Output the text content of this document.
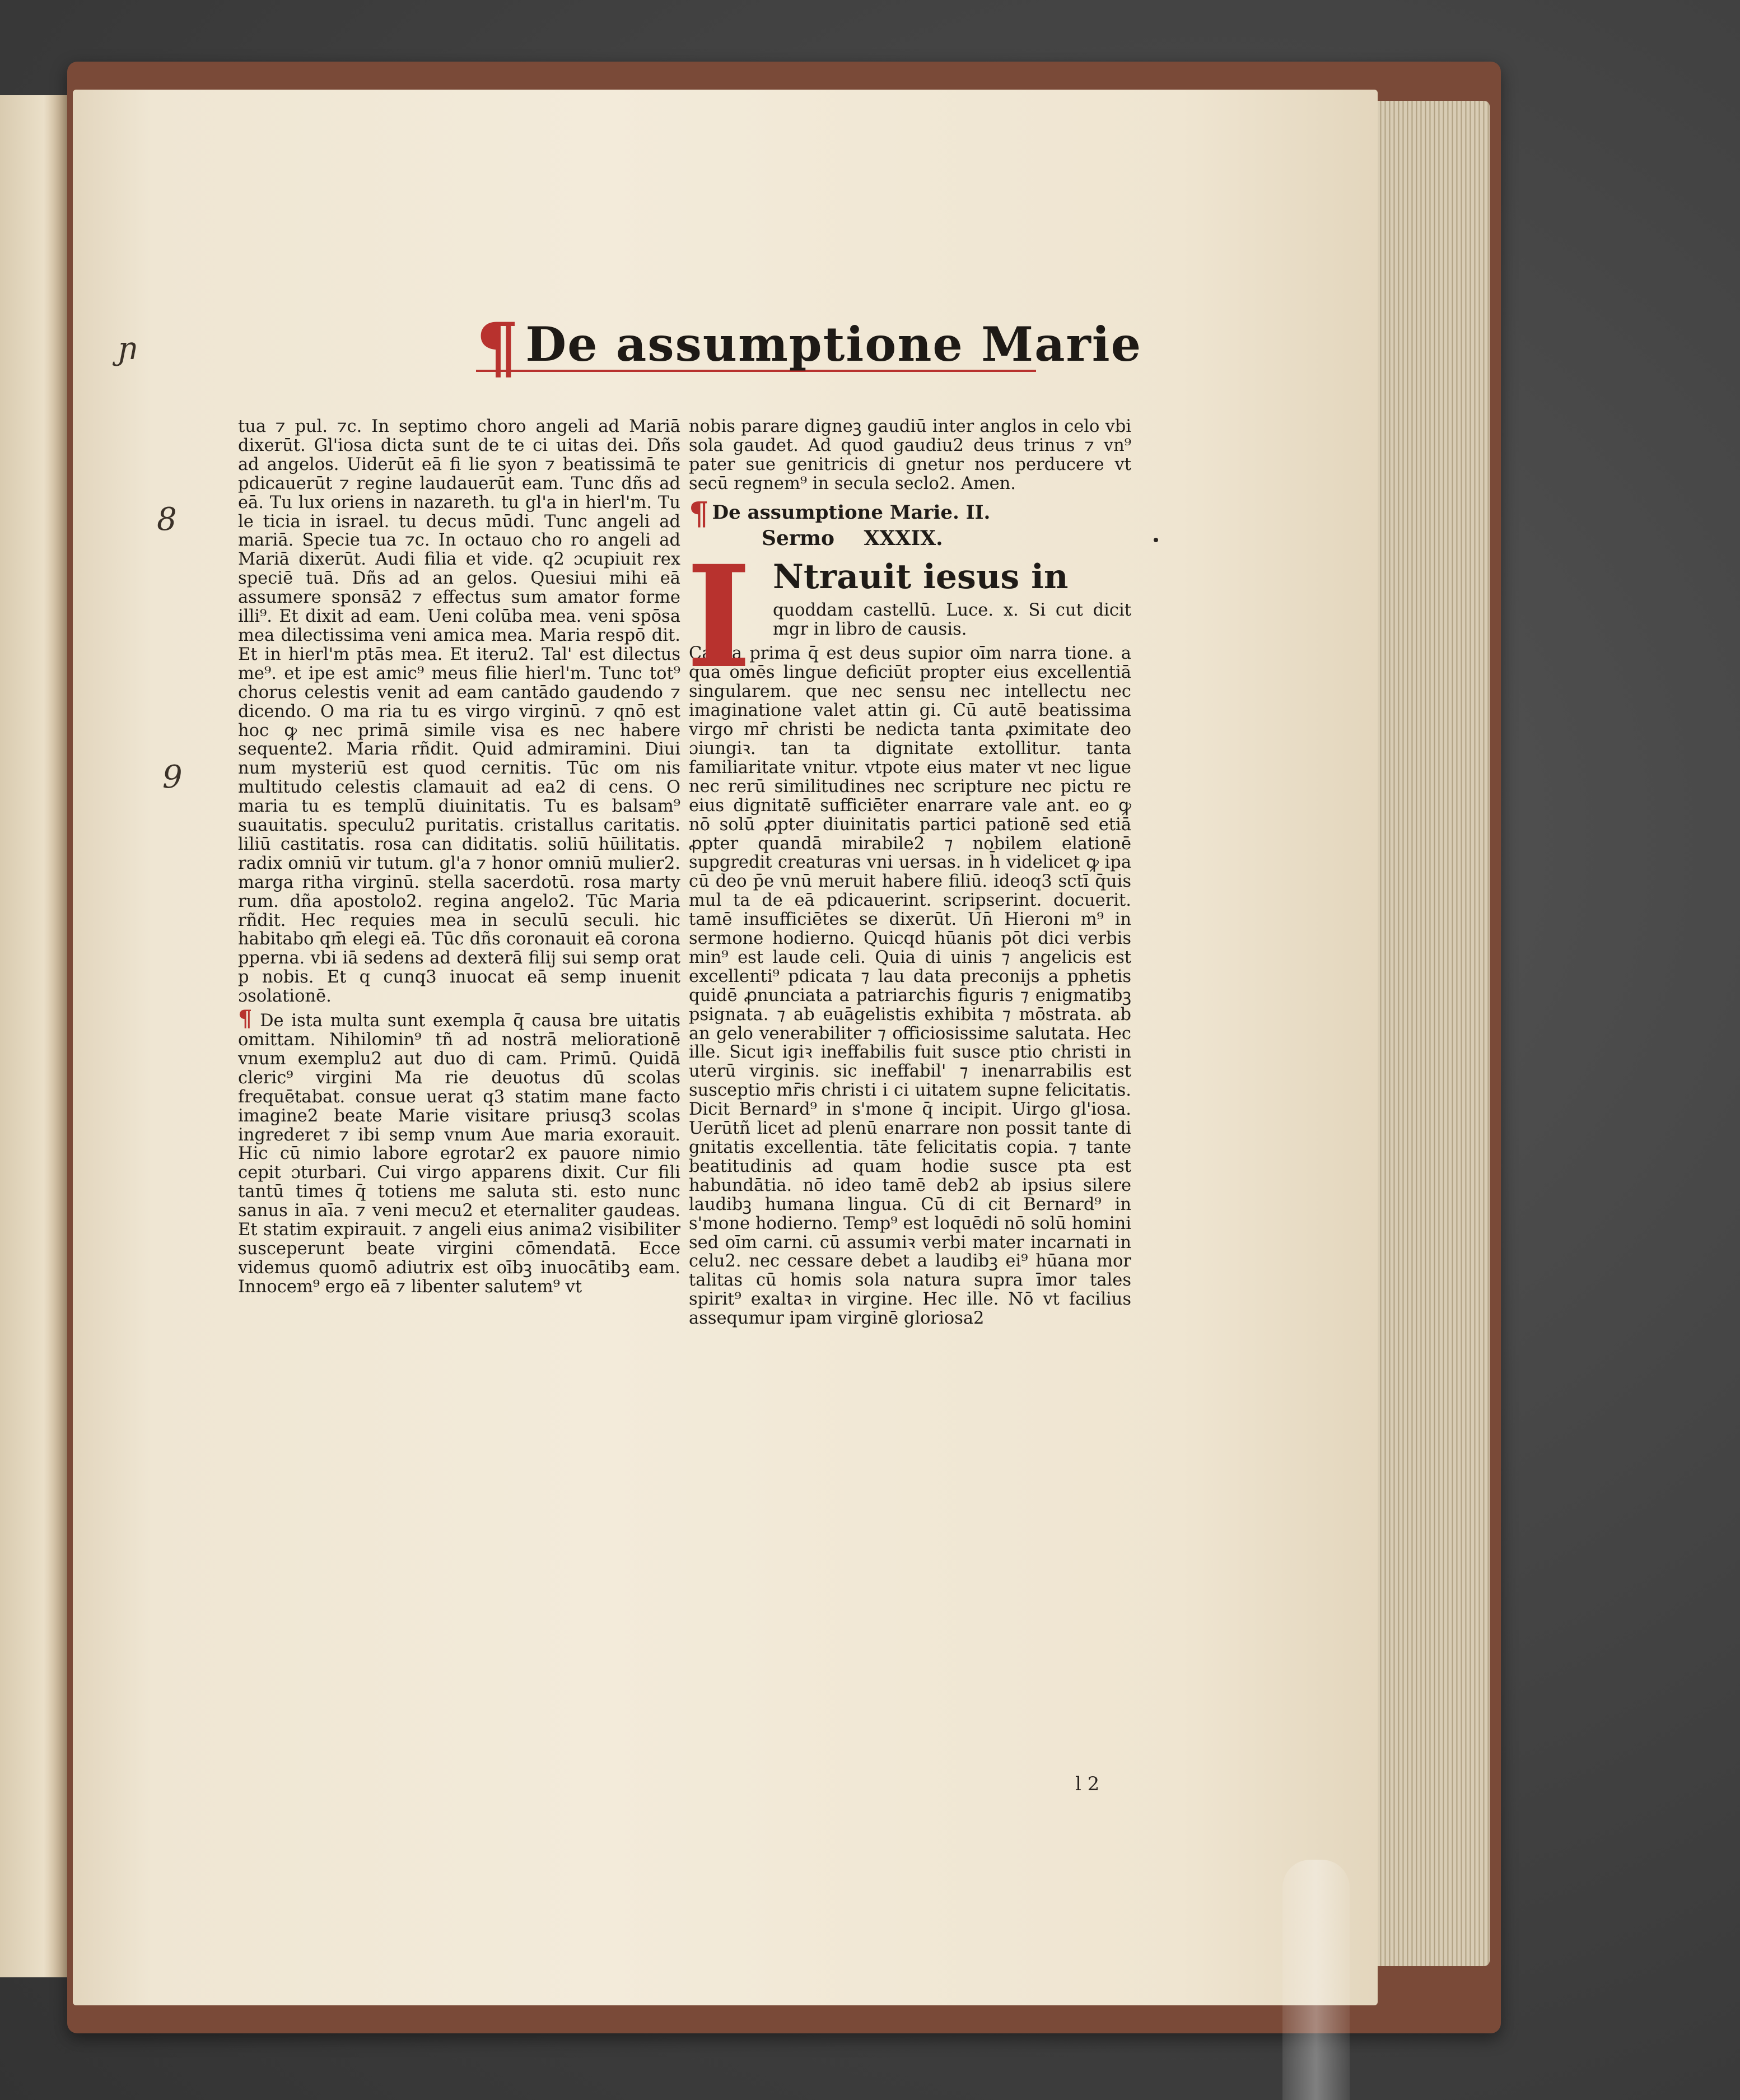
¶ De assumptione Marie
ɲ
8
9
tua ⁊ pul. ⁊c. In septimo choro angeli ad Mariā dixerūt. Gl'iosa dicta sunt de te ci uitas dei. Dñs ad angelos. Uiderūt eā fi lie syon ⁊ beatissimā te pdicauerūt ⁊ regine laudauerūt eam. Tunc dñs ad eā. Tu lux oriens in nazareth. tu gl'a in hierl'm. Tu le ticia in israel. tu decus mūdi. Tunc angeli ad mariā. Specie tua ⁊c. In octauo cho ro angeli ad Mariā dixerūt. Audi filia et vide. q2 ɔcupiuit rex speciē tuā. Dñs ad an gelos. Quesiui mihi eā assumere sponsā2 ⁊ effectus sum amator forme illi⁹. Et dixit ad eam. Ueni colūba mea. veni spōsa mea dilectissima veni amica mea. Maria respō dit. Et in hierl'm ptās mea. Et iteru2. Tal' est dilectus me⁹. et ipe est amic⁹ meus filie hierl'm. Tunc tot⁹ chorus celestis venit ad eam cantādo gaudendo ⁊ dicendo. O ma ria tu es virgo virginū. ⁊ qnō est hoc ꝙ nec primā simile visa es nec habere sequente2. Maria rñdit. Quid admiramini. Diui num mysteriū est quod cernitis. Tūc om nis multitudo celestis clamauit ad ea2 di cens. O maria tu es templū diuinitatis. Tu es balsam⁹ suauitatis. speculu2 puritatis. cristallus caritatis. liliū castitatis. rosa can diditatis. soliū hūilitatis. radix omniū vir tutum. gl'a ⁊ honor omniū mulier2. marga ritha virginū. stella sacerdotū. rosa marty rum. dña apostolo2. regina angelo2. Tūc Maria rñdit. Hec requies mea in seculū seculi. hic habitabo qm̄ elegi eā. Tūc dñs coronauit eā corona pperna. vbi iā sedens ad dexterā filij sui semp orat p nobis. Et q cunq3 inuocat eā semp inuenit ɔsolationē.
¶ De ista multa sunt exempla q̄ causa bre uitatis omittam. Nihilomin⁹ tñ ad nostrā meliorationē vnum exemplu2 aut duo di cam. Primū. Quidā cleric⁹ virgini Ma rie deuotus dū scolas frequētabat. consue uerat q3 statim mane facto imagine2 beate Marie visitare priusq3 scolas ingrederet ⁊ ibi semp vnum Aue maria exorauit. Hic cū nimio labore egrotar2 ex pauore nimio cepit ɔturbari. Cui virgo apparens dixit. Cur fili tantū times q̄ totiens me saluta sti. esto nunc sanus in aīa. ⁊ veni mecu2 et eternaliter gaudeas. Et statim expirauit. ⁊ angeli eius anima2 visibiliter susceperunt beate virgini cōmendatā. Ecce videmus quomō adiutrix est oībꝫ inuocātibꝫ eam. Innocem⁹ ergo eā ⁊ libenter salutem⁹ vt
nobis parare digneꝫ gaudiū inter anglos in celo vbi sola gaudet. Ad quod gaudiu2 deus trinus ⁊ vn⁹ pater sue genitricis di gnetur nos perducere vt secū regnem⁹ in secula seclo2. Amen.
¶ De assumptione Marie. II.
Sermo XXXIX.
I Ntrauit iesus in
quoddam castellū. Luce. x. Si cut dicit mgr in libro de causis.
Causa prima q̄ est deus supior oīm narra tione. a qua omēs lingue deficiūt propter eius excellentiā singularem. que nec sensu nec intellectu nec imaginatione valet attin gi. Cū autē beatissima virgo mr̄ christi be nedicta tanta ꝓximitate deo ɔiungiꝛ. tan ta dignitate extollitur. tanta familiaritate vnitur. vtpote eius mater vt nec ligue nec rerū similitudines nec scripture nec pictu re eius dignitatē sufficiēter enarrare vale ant. eo ꝙ nō solū ꝓpter diuinitatis partici pationē sed etiā ꝓpter quandā mirabile2 ⁊ nobilem elationē supgredit creaturas vni uersas. in h̄ videlicet ꝙ ipa cū deo p̄e vnū meruit habere filiū. ideoq3 sctī q̄uis mul ta de eā pdicauerint. scripserint. docuerit. tamē insufficiētes se dixerūt. Un̄ Hieroni m⁹ in sermone hodierno. Quicqd hūanis pōt dici verbis min⁹ est laude celi. Quia di uinis ⁊ angelicis est excellenti⁹ pdicata ⁊ lau data preconijs a pphetis quidē ꝓnunciata a patriarchis figuris ⁊ enigmatibꝫ psignata. ⁊ ab euāgelistis exhibita ⁊ mōstrata. ab an gelo venerabiliter ⁊ officiosissime salutata. Hec ille. Sicut igiꝛ ineffabilis fuit susce ptio christi in uterū virginis. sic ineffabil' ⁊ inenarrabilis est susceptio mr̄is christi i ci uitatem supne felicitatis. Dicit Bernard⁹ in s'mone q̄ incipit. Uirgo gl'iosa. Uerūtñ licet ad plenū enarrare non possit tante di gnitatis excellentia. tāte felicitatis copia. ⁊ tante beatitudinis ad quam hodie susce pta est habundātia. nō ideo tamē deb2 ab ipsius silere laudibꝫ humana lingua. Cū di cit Bernard⁹ in s'mone hodierno. Temp⁹ est loquēdi nō solū homini sed oīm carni. cū assumiꝛ verbi mater incarnati in celu2. nec cessare debet a laudibꝫ ei⁹ hūana mor talitas cū homis sola natura supra īmor tales spirit⁹ exaltaꝛ in virgine. Hec ille. Nō vt facilius assequmur ipam virginē gloriosa2
l 2
